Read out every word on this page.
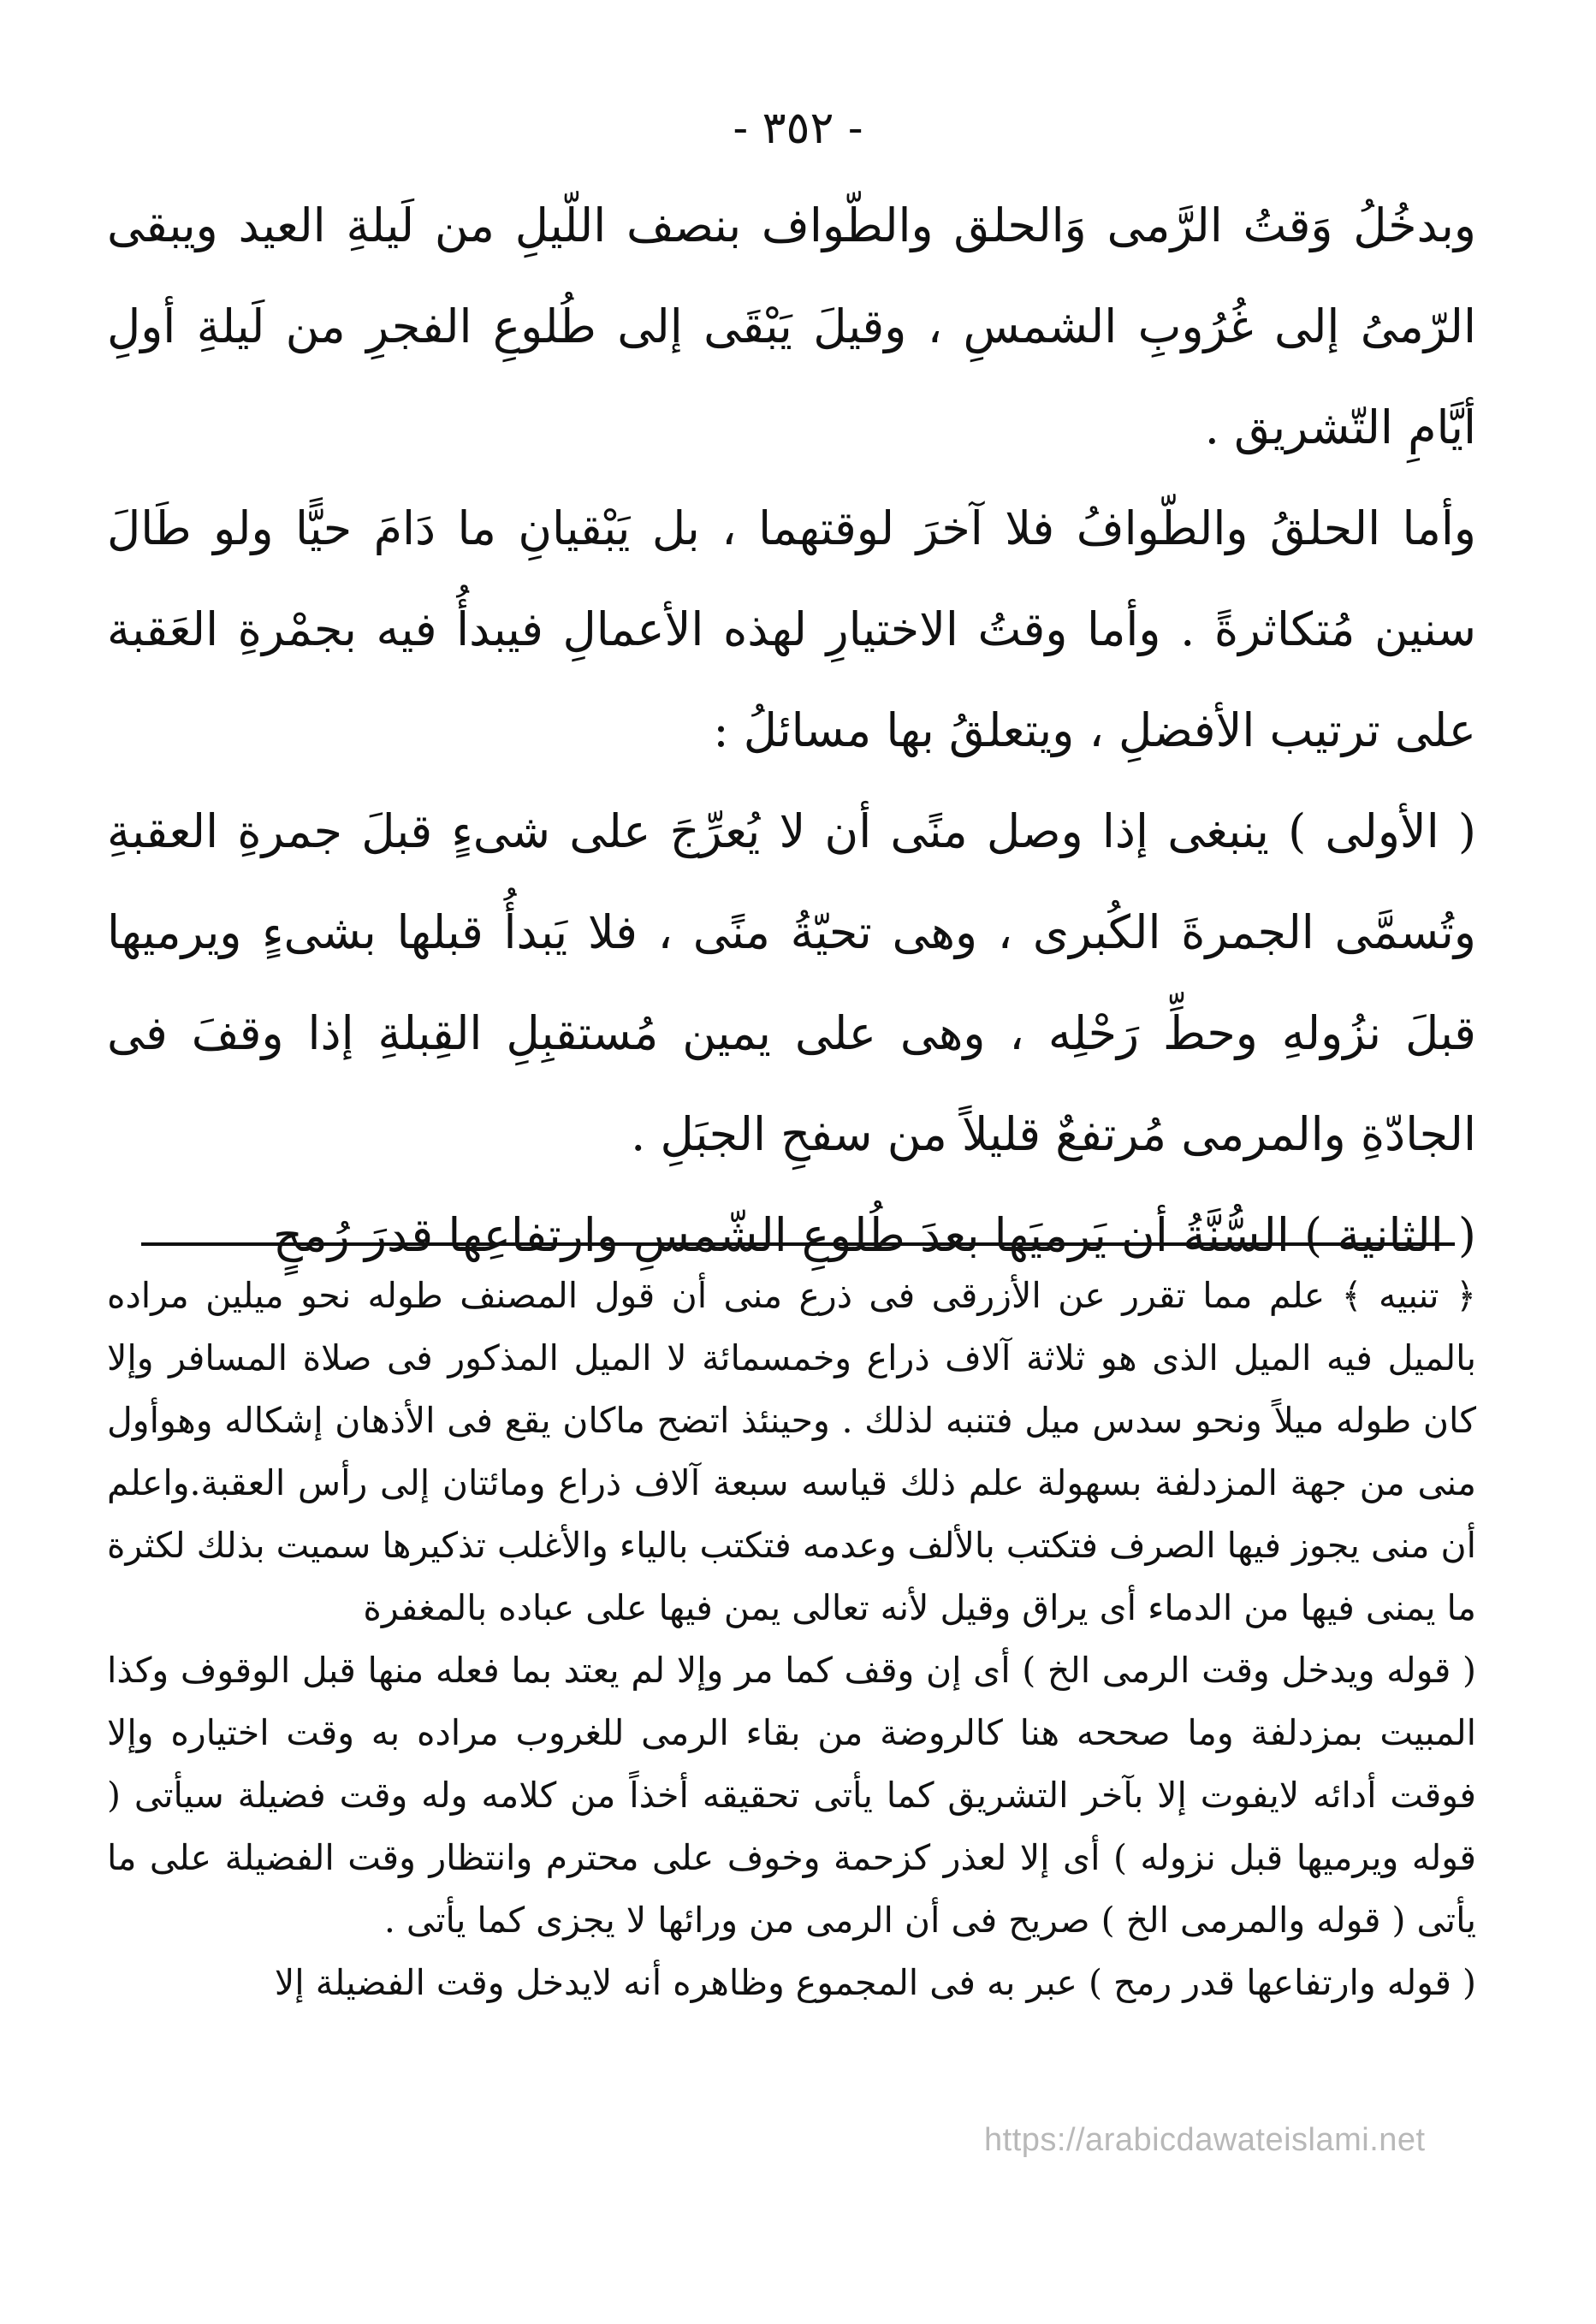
- ٣٥٢ -

وبدخُلُ وَقتُ الرَّمى وَالحلق والطّواف بنصف اللّيلِ من لَيلةِ العيد ويبقى الرّمىُ إلى غُرُوبِ الشمسِ ، وقيلَ يَبْقَى إلى طُلوعِ الفجرِ من لَيلةِ أولِ أيَّامِ التّشريق .

وأما الحلقُ والطّوافُ فلا آخرَ لوقتهما ، بل يَبْقيانِ ما دَامَ حيًّا ولو طَالَ سنين مُتكاثرةً . وأما وقتُ الاختيارِ لهذه الأعمالِ فيبدأُ فيه بجمْرةِ العَقبة على ترتيب الأفضلِ ، ويتعلقُ بها مسائلُ :

( الأولى ) ينبغى إذا وصل منًى أن لا يُعرِّجَ على شىءٍ قبلَ جمرةِ العقبةِ وتُسمَّى الجمرةَ الكُبرى ، وهى تحيّةُ منًى ، فلا يَبدأُ قبلها بشىءٍ ويرميها قبلَ نزُولهِ وحطِّ رَحْلِه ، وهى على يمين مُستقبِلِ القِبلةِ إذا وقفَ فى الجادّةِ والمرمى مُرتفعٌ قليلاً من سفحِ الجبَلِ .

( الثانية ) السُّنَّةُ أن يَرميَها بعدَ طُلوعِ الشّمسِ وارتفاعِها قدرَ رُمحٍ

﴿ تنبيه ﴾ علم مما تقرر عن الأزرقى فى ذرع منى أن قول المصنف طوله نحو ميلين مراده بالميل فيه الميل الذى هو ثلاثة آلاف ذراع وخمسمائة لا الميل المذكور فى صلاة المسافر وإلا كان طوله ميلاً ونحو سدس ميل فتنبه لذلك . وحينئذ اتضح ماكان يقع فى الأذهان إشكاله وهوأول منى من جهة المزدلفة بسهولة علم ذلك قياسه سبعة آلاف ذراع ومائتان إلى رأس العقبة.واعلم أن منى يجوز فيها الصرف فتكتب بالألف وعدمه فتكتب بالياء والأغلب تذكيرها سميت بذلك لكثرة ما يمنى فيها من الدماء أى يراق وقيل لأنه تعالى يمن فيها على عباده بالمغفرة

( قوله ويدخل وقت الرمى الخ ) أى إن وقف كما مر وإلا لم يعتد بما فعله منها قبل الوقوف وكذا المبيت بمزدلفة وما صححه هنا كالروضة من بقاء الرمى للغروب مراده به وقت اختياره وإلا فوقت أدائه لايفوت إلا بآخر التشريق كما يأتى تحقيقه أخذاً من كلامه وله وقت فضيلة سيأتى ( قوله ويرميها قبل نزوله ) أى إلا لعذر كزحمة وخوف على محترم وانتظار وقت الفضيلة على ما يأتى ( قوله والمرمى الخ ) صريح فى أن الرمى من ورائها لا يجزى كما يأتى .

( قوله وارتفاعها قدر رمح ) عبر به فى المجموع وظاهره أنه لايدخل وقت الفضيلة إلا

https://arabicdawateislami.net
